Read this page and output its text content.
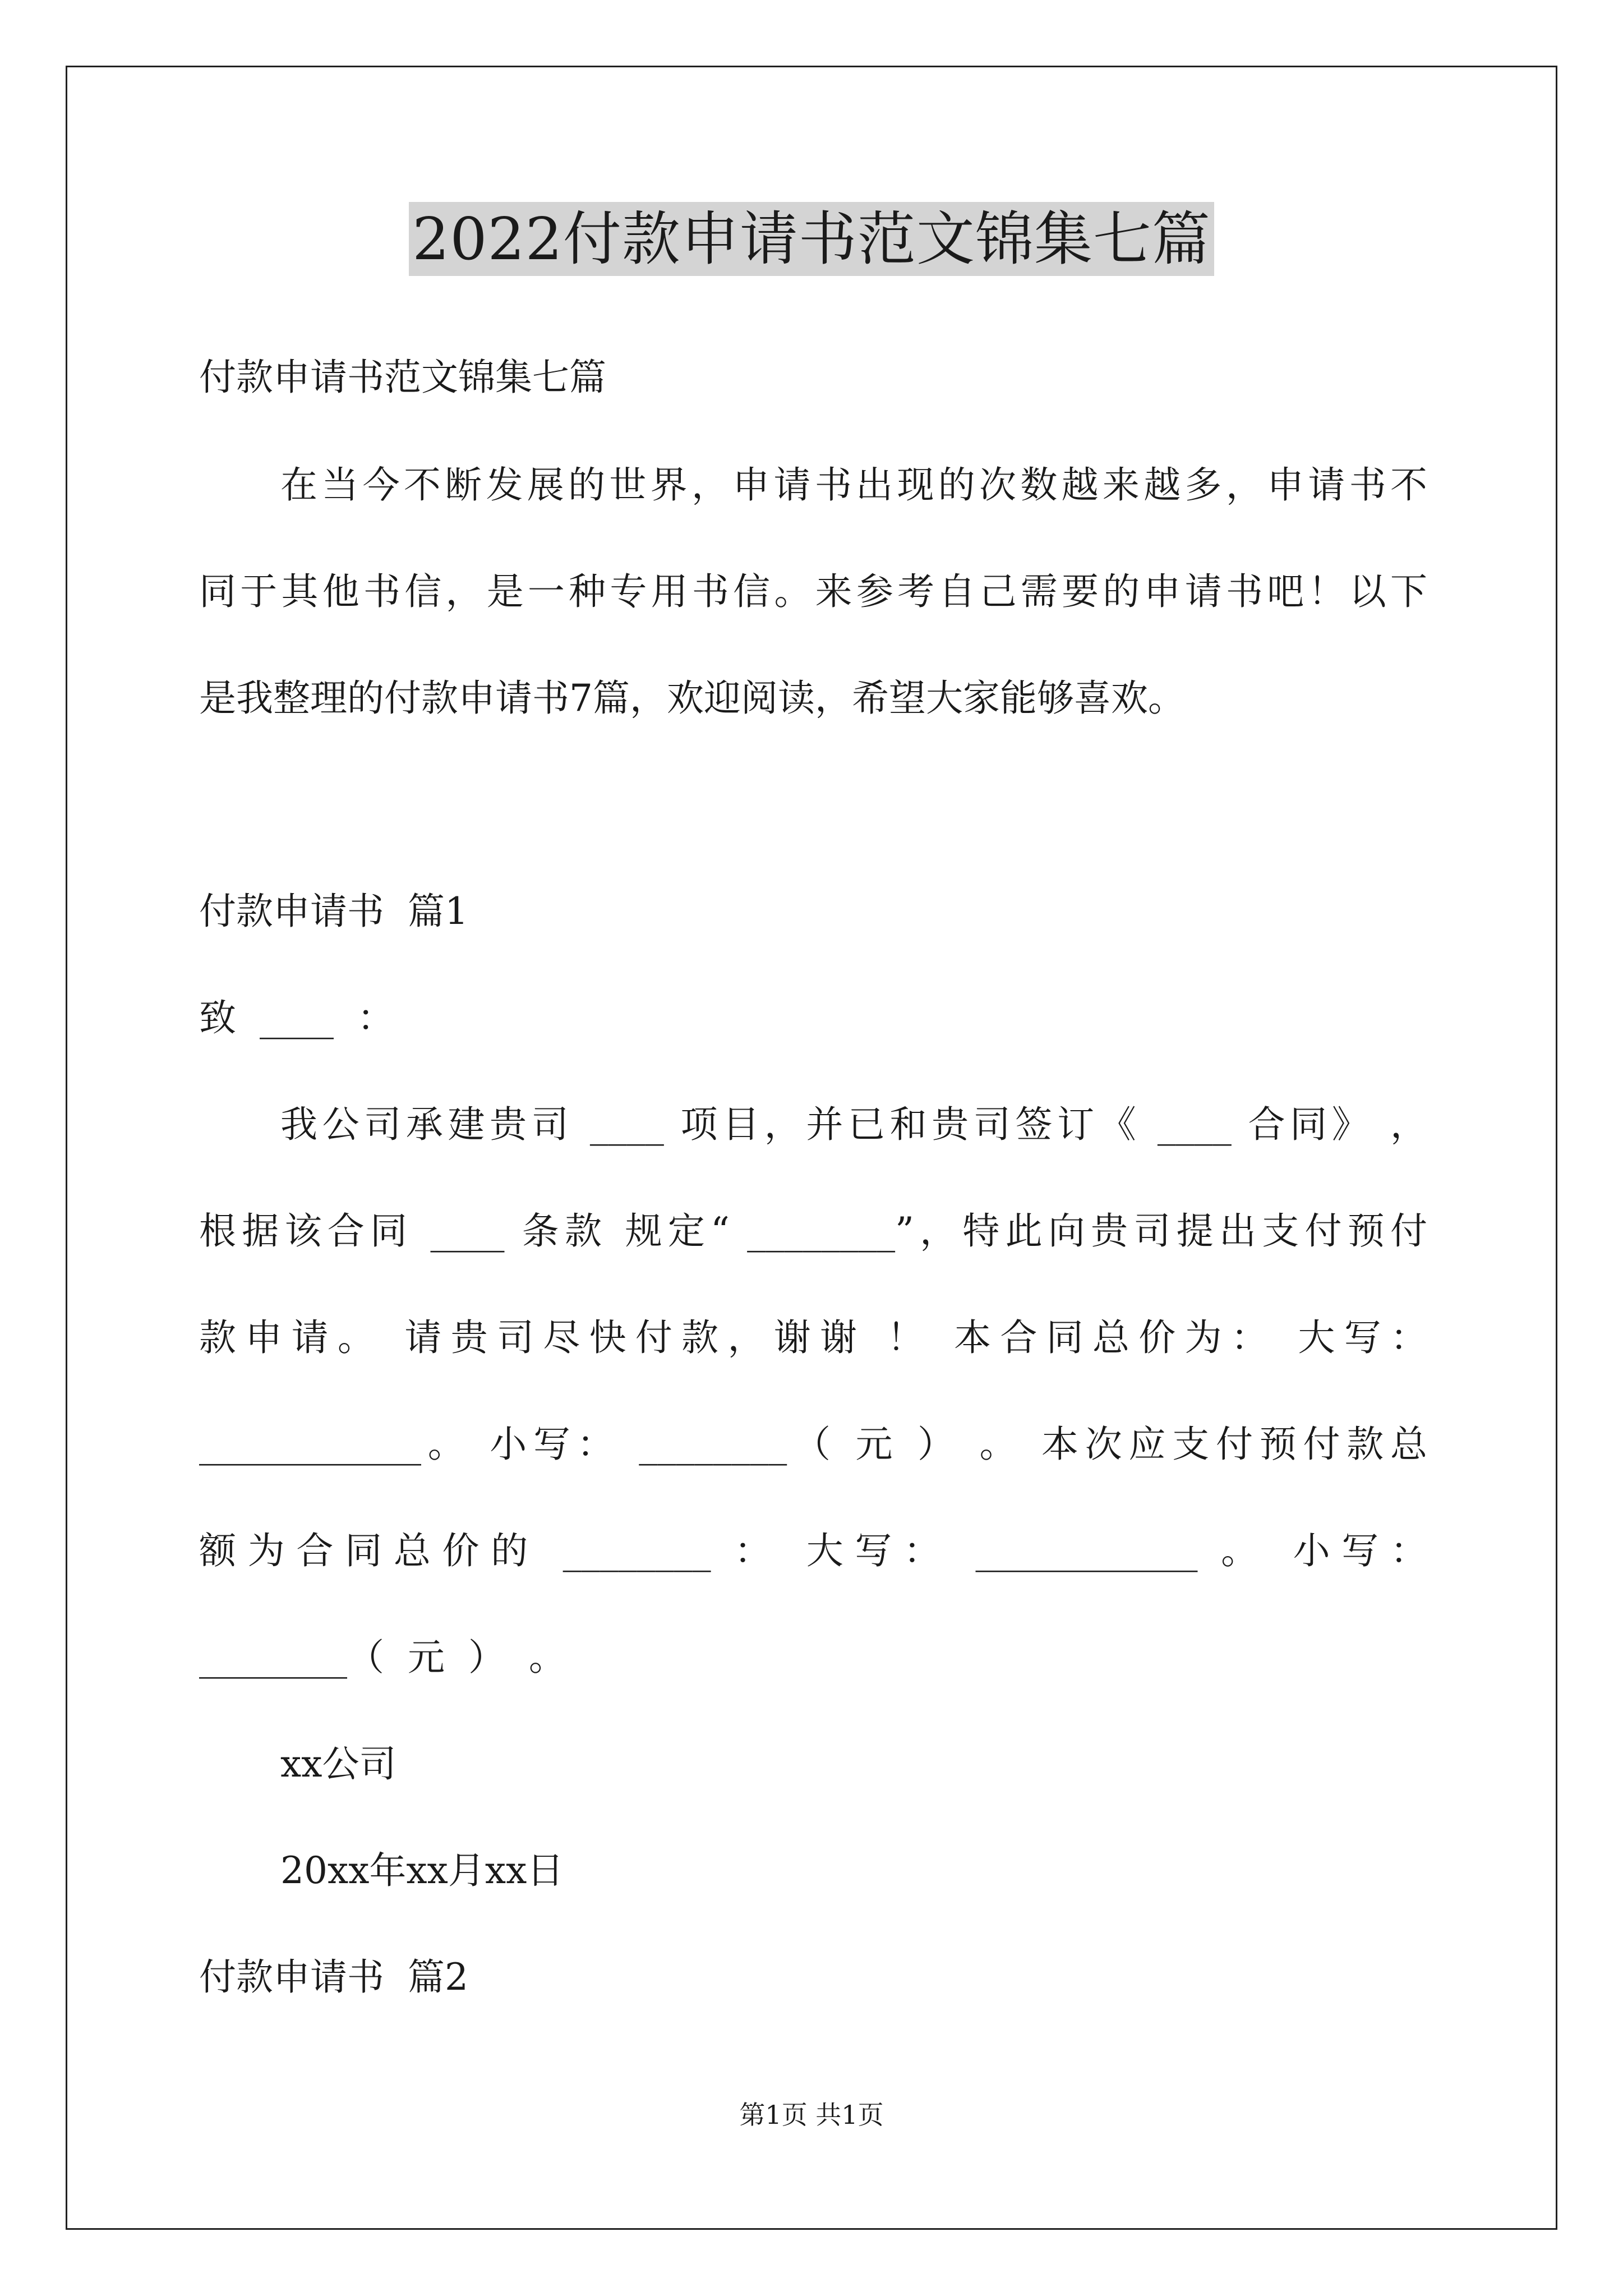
2022付款申请书范文锦集七篇
付款申请书范文锦集七篇
在当今不断发展的世界，申请书出现的次数越来越多，申请书不
同于其他书信，是一种专用书信。来参考自己需要的申请书吧！以下
是我整理的付款申请书7篇，欢迎阅读，希望大家能够喜欢。
付款申请书  篇1
致  ____  ：
我公司承建贵司 ____ 项目，并已和贵司签订《 ____ 合同》 ，
根据该合同 ____ 条款 规定“ ________”，特此向贵司提出支付预付
款申请。 请贵司尽快付款，谢谢 ！ 本合同总价为： 大写：
____________。 小写： ________（ 元 ） 。 本次应支付预付款总
额为合同总价的 ________ ： 大写： ____________ 。 小写：
________（  元  ）  。
xx公司
20xx年xx月xx日
付款申请书  篇2
第1页 共1页
